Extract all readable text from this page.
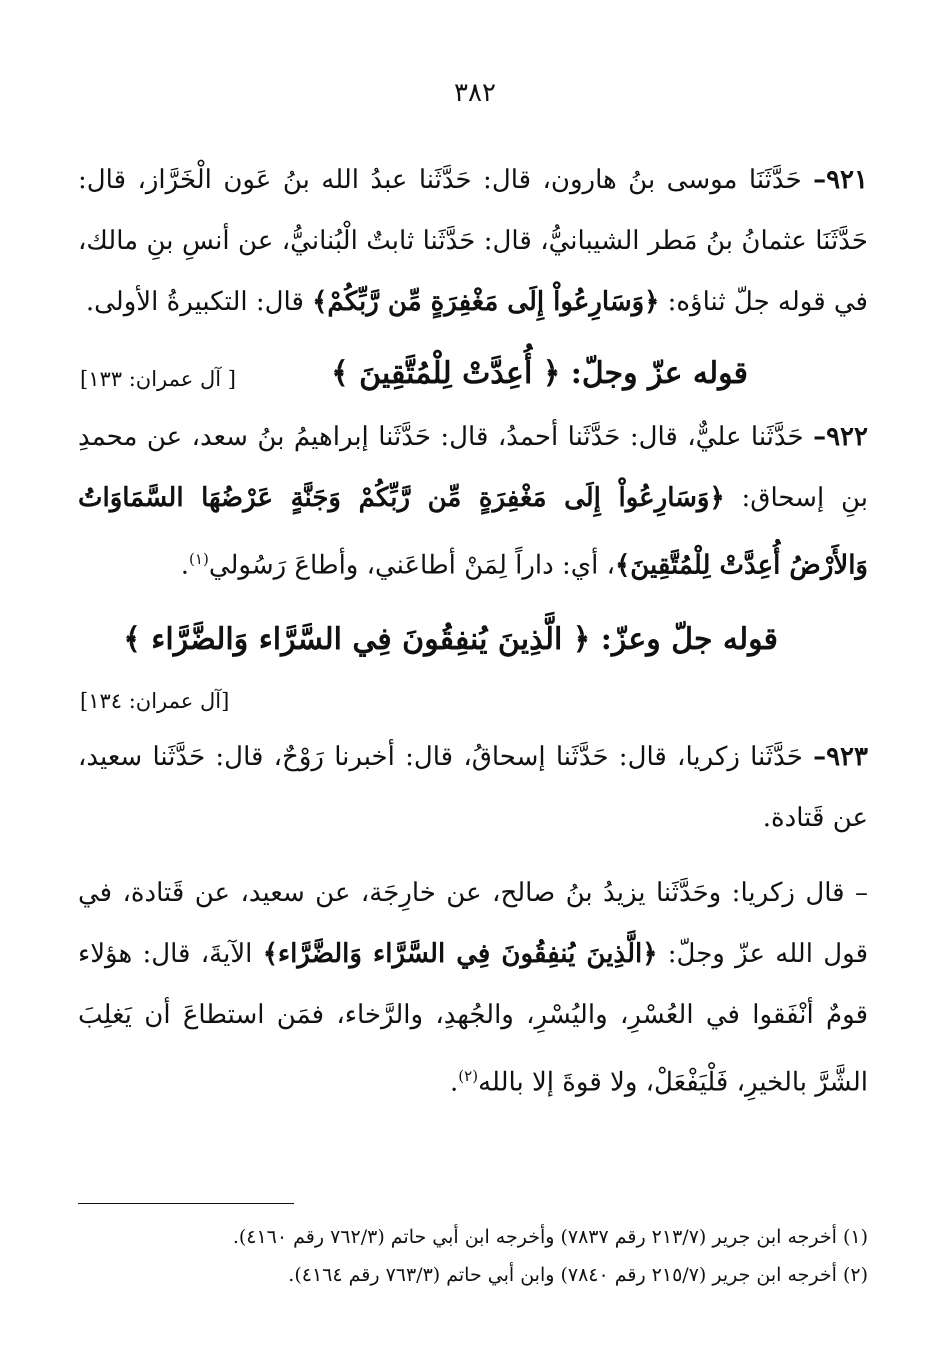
٣٨٢

٩٢١– حَدَّثَنَا موسى بنُ هارون، قال: حَدَّثَنا عبدُ الله بنُ عَون الْخَرَّاز، قال: حَدَّثَنَا عثمانُ بنُ مَطر الشيبانيُّ، قال: حَدَّثَنا ثابتٌ الْبُنانيُّ، عن أنسِ بنِ مالك، في قوله جلّ ثناؤه: ﴿وَسَارِعُواْ إِلَى مَغْفِرَةٍ مِّن رَّبِّكُمْ﴾ قال: التكبيرةُ الأولى.

قوله عزّ وجلّ: ﴿ أُعِدَّتْ لِلْمُتَّقِينَ ﴾
[ آل عمران: ١٣٣]

٩٢٢– حَدَّثَنا عليٌّ، قال: حَدَّثَنا أحمدُ، قال: حَدَّثَنا إبراهيمُ بنُ سعد، عن محمدِ بنِ إسحاق: ﴿وَسَارِعُواْ إِلَى مَغْفِرَةٍ مِّن رَّبِّكُمْ وَجَنَّةٍ عَرْضُهَا السَّمَاوَاتُ وَالأَرْضُ أُعِدَّتْ لِلْمُتَّقِينَ﴾، أي: داراً لِمَنْ أطاعَني، وأطاعَ رَسُولي$^{(١)}$.

قوله جلّ وعزّ: ﴿ الَّذِينَ يُنفِقُونَ فِي السَّرَّاء وَالضَّرَّاء ﴾
[آل عمران: ١٣٤]

٩٢٣– حَدَّثَنا زكريا، قال: حَدَّثَنا إسحاقُ، قال: أخبرنا رَوْحٌ، قال: حَدَّثَنا سعيد، عن قَتادة.

– قال زكريا: وحَدَّثَنا يزيدُ بنُ صالح، عن خارِجَة، عن سعيد، عن قَتادة، في قول الله عزّ وجلّ: ﴿الَّذِينَ يُنفِقُونَ فِي السَّرَّاء وَالضَّرَّاء﴾ الآيةَ، قال: هؤلاء قومٌ أنْفَقوا في العُسْرِ، واليُسْرِ، والجُهدِ، والرَّخاء، فمَن استطاعَ أن يَغلِبَ الشَّرَّ بالخيرِ، فَلْيَفْعَلْ، ولا قوةَ إلا بالله$^{(٢)}$.

(١) أخرجه ابن جرير (٢١٣/٧ رقم ٧٨٣٧) وأخرجه ابن أبي حاتم (٧٦٢/٣ رقم ٤١٦٠).

(٢) أخرجه ابن جرير (٢١٥/٧ رقم ٧٨٤٠) وابن أبي حاتم (٧٦٣/٣ رقم ٤١٦٤).
